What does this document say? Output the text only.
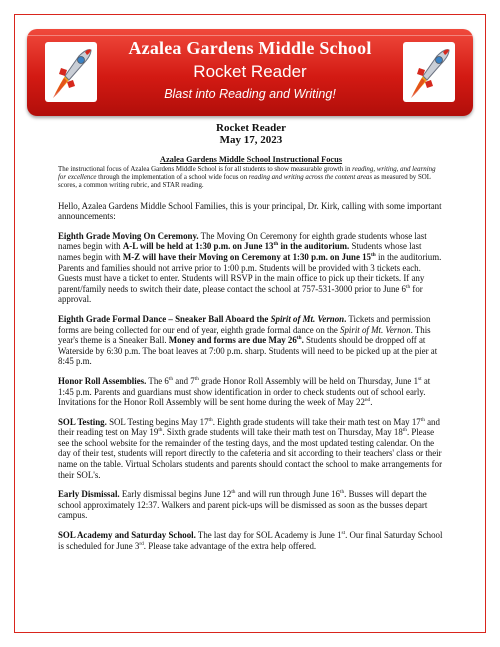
Azalea Gardens Middle School
Rocket Reader
Blast into Reading and Writing!
Rocket Reader
May 17, 2023
Azalea Gardens Middle School Instructional Focus

The instructional focus of Azalea Gardens Middle School is for all students to show measurable growth in reading, writing, and learning for excellence through the implementation of a school wide focus on reading and writing across the content areas as measured by SOL scores, a common writing rubric, and STAR reading.

Hello, Azalea Gardens Middle School Families, this is your principal, Dr. Kirk, calling with some important announcements:

Eighth Grade Moving On Ceremony. The Moving On Ceremony for eighth grade students whose last names begin with A-L will be held at 1:30 p.m. on June 13th in the auditorium. Students whose last names begin with M-Z will have their Moving on Ceremony at 1:30 p.m. on June 15th in the auditorium. Parents and families should not arrive prior to 1:00 p.m. Students will be provided with 3 tickets each. Guests must have a ticket to enter. Students will RSVP in the main office to pick up their tickets. If any parent/family needs to switch their date, please contact the school at 757-531-3000 prior to June 6th for approval.

Eighth Grade Formal Dance – Sneaker Ball Aboard the Spirit of Mt. Vernon. Tickets and permission forms are being collected for our end of year, eighth grade formal dance on the Spirit of Mt. Vernon. This year's theme is a Sneaker Ball. Money and forms are due May 26th. Students should be dropped off at Waterside by 6:30 p.m. The boat leaves at 7:00 p.m. sharp. Students will need to be picked up at the pier at 8:45 p.m.

Honor Roll Assemblies. The 6th and 7th grade Honor Roll Assembly will be held on Thursday, June 1st at 1:45 p.m. Parents and guardians must show identification in order to check students out of school early. Invitations for the Honor Roll Assembly will be sent home during the week of May 22nd.

SOL Testing. SOL Testing begins May 17th. Eighth grade students will take their math test on May 17th and their reading test on May 19th. Sixth grade students will take their math test on Thursday, May 18th. Please see the school website for the remainder of the testing days, and the most updated testing calendar. On the day of their test, students will report directly to the cafeteria and sit according to their teachers' class or their name on the table. Virtual Scholars students and parents should contact the school to make arrangements for their SOL's.

Early Dismissal. Early dismissal begins June 12th and will run through June 16th. Busses will depart the school approximately 12:37. Walkers and parent pick-ups will be dismissed as soon as the busses depart campus.

SOL Academy and Saturday School. The last day for SOL Academy is June 1st. Our final Saturday School is scheduled for June 3rd. Please take advantage of the extra help offered.
